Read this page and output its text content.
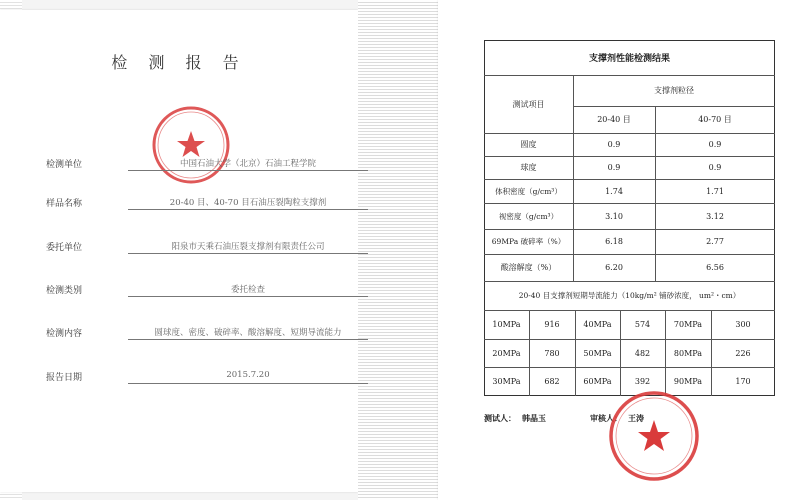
检 测 报 告
检测单位	中国石油大学（北京）石油工程学院
样品名称	20-40 目、40-70 目石油压裂陶粒支撑剂
委托单位	阳泉市天乘石油压裂支撑剂有限责任公司
检测类别	委托检查
检测内容	圆球度、密度、破碎率、酸溶解度、短期导流能力
报告日期	2015.7.20
支撑剂性能检测结果
测试项目
支撑剂粒径
20-40 目	40-70 目
圆度	0.9	0.9
球度	0.9	0.9
体积密度（g/cm³）	1.74	1.71
视密度（g/cm³）	3.10	3.12
69MPa 破碎率（%）	6.18	2.77
酸溶解度（%）	6.20	6.56
20-40 目支撑剂短期导流能力（10kg/m² 铺砂浓度， um²・cm）
10MPa	916	40MPa	574	70MPa	300
20MPa	780	50MPa	482	80MPa	226
30MPa	682	60MPa	392	90MPa	170
测试人： 韩晶玉	审核人： 王涛
